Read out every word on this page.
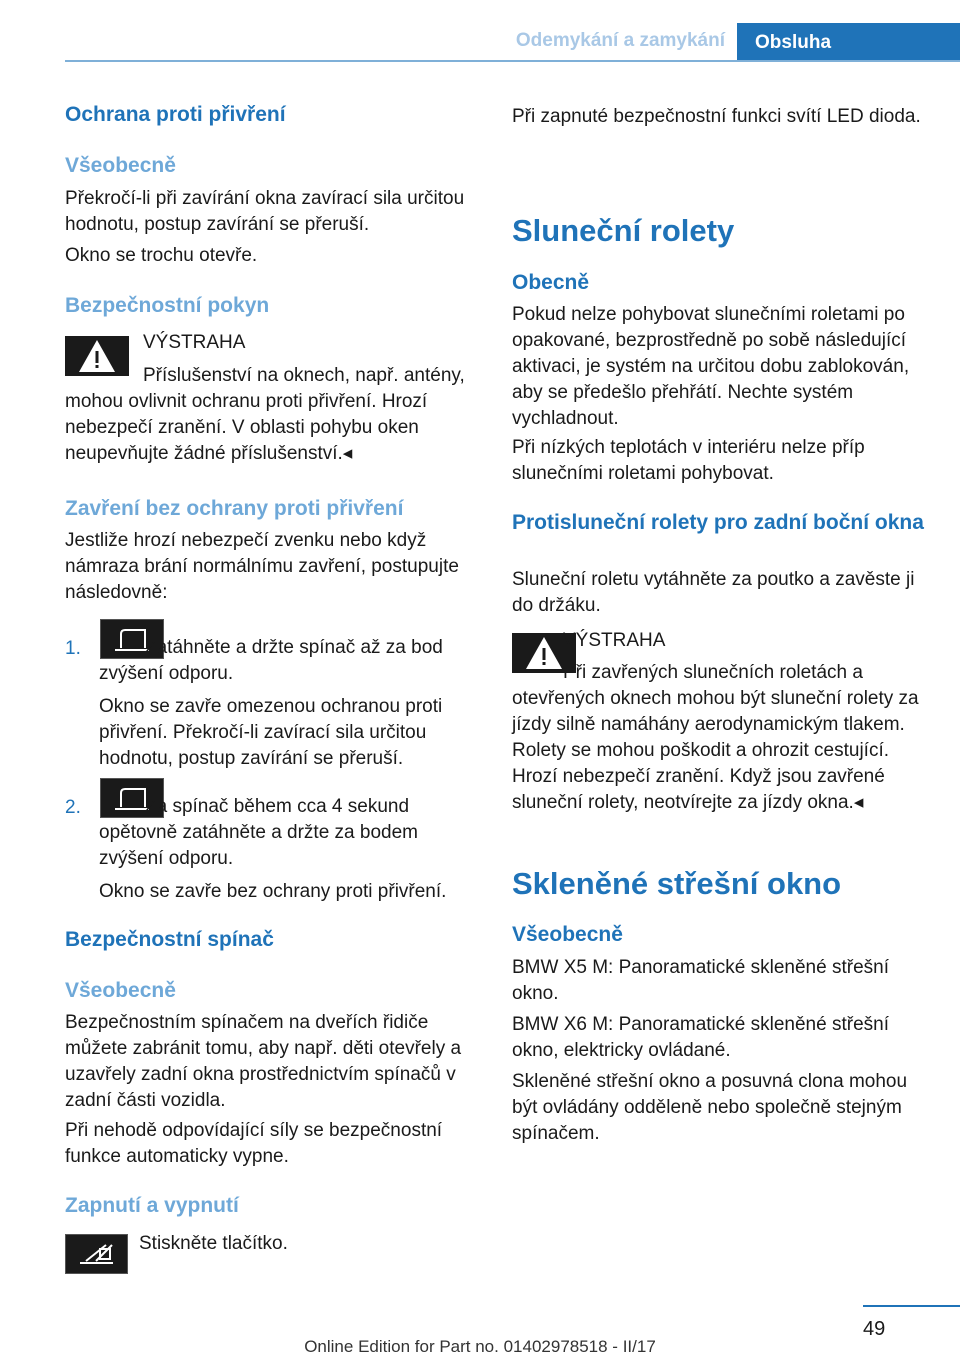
Odemykání a zamykání	Obsluha
Ochrana proti přivření
Všeobecně
Překročí-li při zavírání okna zavírací sila určitou hodnotu, postup zavírání se přeruší.
Okno se trochu otevře.
Bezpečnostní pokyn
VÝSTRAHA
Příslušenství na oknech, např. antény, mohou ovlivnit ochranu proti přivření. Hrozí nebezpečí zranění. V oblasti pohybu oken neupevňujte žádné příslušenství.◂
Zavření bez ochrany proti přivření
Jestliže hrozí nebezpečí zvenku nebo když námraza brání normálnímu zavření, postupujte následovně:
1.	Zatáhněte a držte spínač až za bod zvýšení odporu.
Okno se zavře omezenou ochranou proti přivření. Překročí-li zavírací sila určitou hodnotu, postup zavírání se přeruší.
2.	Za spínač během cca 4 sekund opětovně zatáhněte a držte za bodem zvýšení odporu.
Okno se zavře bez ochrany proti přivření.
Bezpečnostní spínač
Všeobecně
Bezpečnostním spínačem na dveřích řidiče můžete zabránit tomu, aby např. děti otevřely a uzavřely zadní okna prostřednictvím spínačů v zadní části vozidla.
Při nehodě odpovídající síly se bezpečnostní funkce automaticky vypne.
Zapnutí a vypnutí
Stiskněte tlačítko.
Při zapnuté bezpečnostní funkci svítí LED dioda.
Sluneční rolety
Obecně
Pokud nelze pohybovat slunečními roletami po opakované, bezprostředně po sobě následující aktivaci, je systém na určitou dobu zablokován, aby se předešlo přehřátí. Nechte systém vychladnout.
Při nízkých teplotách v interiéru nelze příp slunečními roletami pohybovat.
Protisluneční rolety pro zadní boční okna
Sluneční roletu vytáhněte za poutko a zavěste ji do držáku.
VÝSTRAHA
Při zavřených slunečních roletách a otevřených oknech mohou být sluneční rolety za jízdy silně namáhány aerodynamickým tlakem. Rolety se mohou poškodit a ohrozit cestující. Hrozí nebezpečí zranění. Když jsou zavřené sluneční rolety, neotvírejte za jízdy okna.◂
Skleněné střešní okno
Všeobecně
BMW X5 M: Panoramatické skleněné střešní okno.
BMW X6 M: Panoramatické skleněné střešní okno, elektricky ovládané.
Skleněné střešní okno a posuvná clona mohou být ovládány odděleně nebo společně stejným spínačem.
49
Online Edition for Part no. 01402978518 - II/17
